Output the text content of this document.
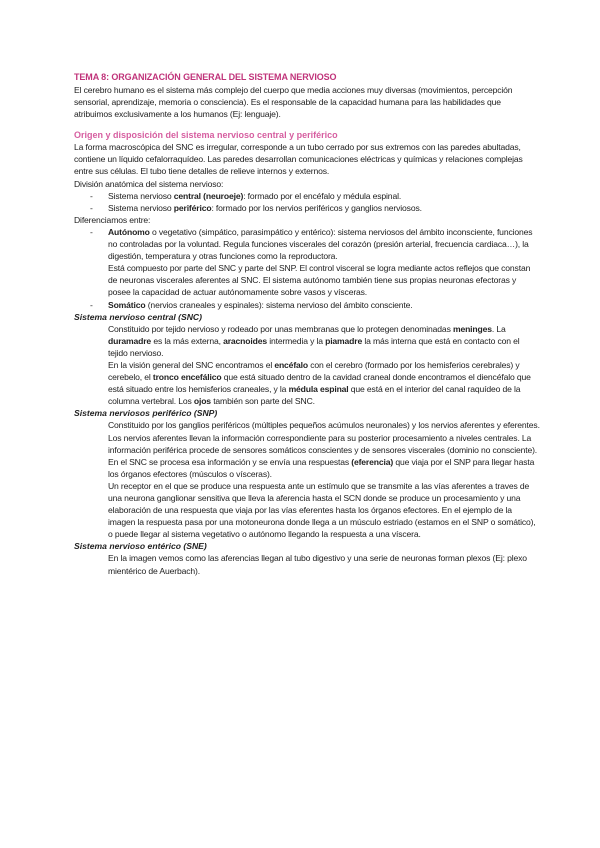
TEMA 8: ORGANIZACIÓN GENERAL DEL SISTEMA NERVIOSO

El cerebro humano es el sistema más complejo del cuerpo que media acciones muy diversas (movimientos, percepción sensorial, aprendizaje, memoria o consciencia). Es el responsable de la capacidad humana para las habilidades que atribuimos exclusivamente a los humanos (Ej: lenguaje).

Origen y disposición del sistema nervioso central y periférico

La forma macroscópica del SNC es irregular, corresponde a un tubo cerrado por sus extremos con las paredes abultadas, contiene un líquido cefalorraquídeo. Las paredes desarrollan comunicaciones eléctricas y químicas y relaciones complejas entre sus células. El tubo tiene detalles de relieve internos y externos.

División anatómica del sistema nervioso:

- Sistema nervioso central (neuroeje): formado por el encéfalo y médula espinal.
- Sistema nervioso periférico: formado por los nervios periféricos y ganglios nerviosos.

Diferenciamos entre:

- Autónomo o vegetativo (simpático, parasimpático y entérico): sistema nerviosos del ámbito inconsciente, funciones no controladas por la voluntad. Regula funciones viscerales del corazón (presión arterial, frecuencia cardiaca…), la digestión, temperatura y otras funciones como la reproductora.
Está compuesto por parte del SNC y parte del SNP. El control visceral se logra mediante actos reflejos que constan de neuronas viscerales aferentes al SNC. El sistema autónomo también tiene sus propias neuronas efectoras y posee la capacidad de actuar autónomamente sobre vasos y vísceras.
- Somático (nervios craneales y espinales): sistema nervioso del ámbito consciente.
Sistema nervioso central (SNC)

Constituido por tejido nervioso y rodeado por unas membranas que lo protegen denominadas meninges. La duramadre es la más externa, aracnoides intermedia y la piamadre la más interna que está en contacto con el tejido nervioso.

En la visión general del SNC encontramos el encéfalo con el cerebro (formado por los hemisferios cerebrales) y cerebelo, el tronco encefálico que está situado dentro de la cavidad craneal donde encontramos el diencéfalo que está situado entre los hemisferios craneales, y la médula espinal que está en el interior del canal raquídeo de la columna vertebral. Los ojos también son parte del SNC.

Sistema nerviosos periférico (SNP)

Constituido por los ganglios periféricos (múltiples pequeños acúmulos neuronales) y los nervios aferentes y eferentes. Los nervios aferentes llevan la información correspondiente para su posterior procesamiento a niveles centrales. La información periférica procede de sensores somáticos conscientes y de sensores viscerales (dominio no consciente). En el SNC se procesa esa información y se envía una respuestas (eferencia) que viaja por el SNP para llegar hasta los órganos efectores (músculos o vísceras).

Un receptor en el que se produce una respuesta ante un estímulo que se transmite a las vías aferentes a traves de una neurona ganglionar sensitiva que lleva la aferencia hasta el SCN donde se produce un procesamiento y una elaboración de una respuesta que viaja por las vías eferentes hasta los órganos efectores. En el ejemplo de la imagen la respuesta pasa por una motoneurona donde llega a un músculo estriado (estamos en el SNP o somático), o puede llegar al sistema vegetativo o autónomo llegando la respuesta a una víscera.

Sistema nervioso entérico (SNE)

En la imagen vemos como las aferencias llegan al tubo digestivo y una serie de neuronas forman plexos (Ej: plexo mientérico de Auerbach).
